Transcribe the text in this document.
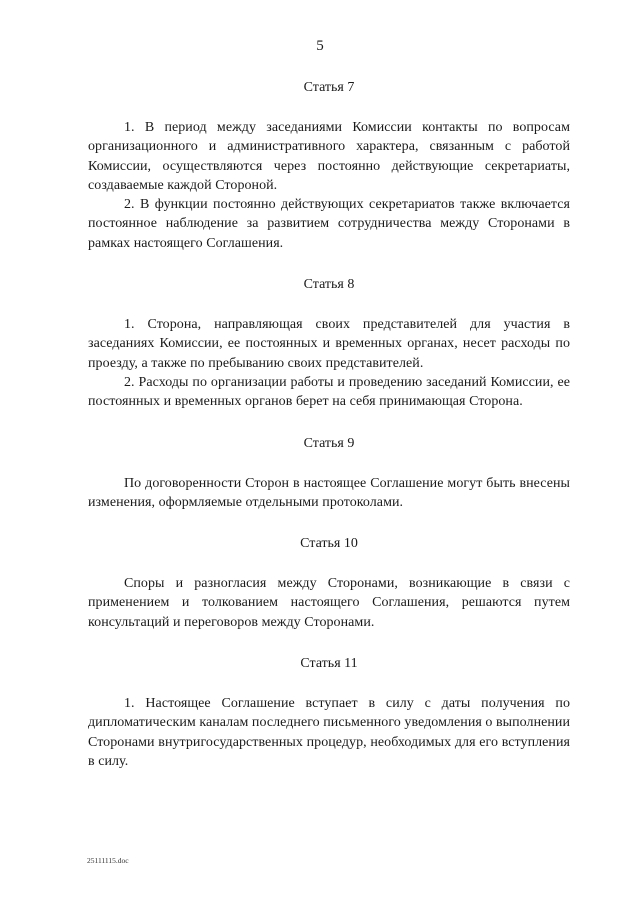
5

Статья 7

1. В период между заседаниями Комиссии контакты по вопросам организационного и административного характера, связанным с работой Комиссии, осуществляются через постоянно действующие секретариаты, создаваемые каждой Стороной.

2. В функции постоянно действующих секретариатов также включается постоянное наблюдение за развитием сотрудничества между Сторонами в рамках настоящего Соглашения.

Статья 8

1. Сторона, направляющая своих представителей для участия в заседаниях Комиссии, ее постоянных и временных органах, несет расходы по проезду, а также по пребыванию своих представителей.

2. Расходы по организации работы и проведению заседаний Комиссии, ее постоянных и временных органов берет на себя принимающая Сторона.

Статья 9

По договоренности Сторон в настоящее Соглашение могут быть внесены изменения, оформляемые отдельными протоколами.

Статья 10

Споры и разногласия между Сторонами, возникающие в связи с применением и толкованием настоящего Соглашения, решаются путем консультаций и переговоров между Сторонами.

Статья 11

1. Настоящее Соглашение вступает в силу с даты получения по дипломатическим каналам последнего письменного уведомления о выполнении Сторонами внутригосударственных процедур, необходимых для его вступления в силу.

25111115.doc
